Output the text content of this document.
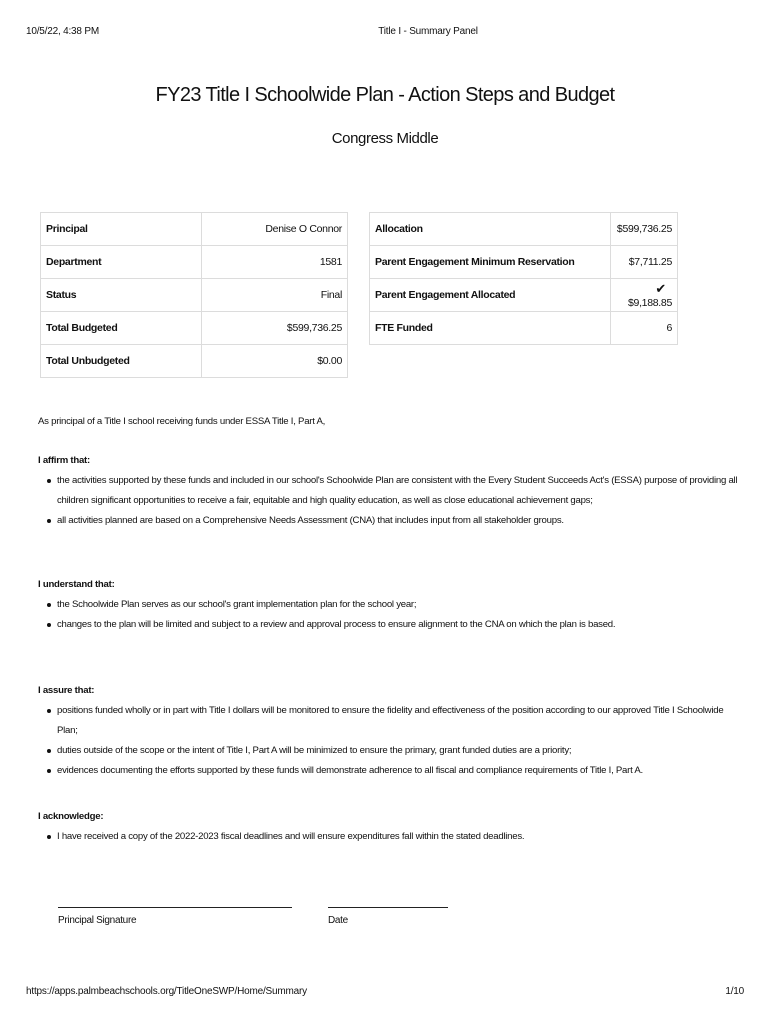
10/5/22, 4:38 PM	Title I - Summary Panel
FY23 Title I Schoolwide Plan - Action Steps and Budget
Congress Middle
Principal	Denise O Connor
Department	1581
Status	Final
Total Budgeted	$599,736.25
Total Unbudgeted	$0.00
Allocation	$599,736.25
Parent Engagement Minimum Reservation	$7,711.25
Parent Engagement Allocated	✔$9,188.85
FTE Funded	6
As principal of a Title I school receiving funds under ESSA Title I, Part A,

I affirm that:

the activities supported by these funds and included in our school's Schoolwide Plan are consistent with the Every Student Succeeds Act's (ESSA) purpose of providing all children significant opportunities to receive a fair, equitable and high quality education, as well as close educational achievement gaps;
all activities planned are based on a Comprehensive Needs Assessment (CNA) that includes input from all stakeholder groups.

I understand that:

the Schoolwide Plan serves as our school's grant implementation plan for the school year;
changes to the plan will be limited and subject to a review and approval process to ensure alignment to the CNA on which the plan is based.

I assure that:

positions funded wholly or in part with Title I dollars will be monitored to ensure the fidelity and effectiveness of the position according to our approved Title I Schoolwide Plan;
duties outside of the scope or the intent of Title I, Part A will be minimized to ensure the primary, grant funded duties are a priority;
evidences documenting the efforts supported by these funds will demonstrate adherence to all fiscal and compliance requirements of Title I, Part A.

I acknowledge:

I have received a copy of the 2022-2023 fiscal deadlines and will ensure expenditures fall within the stated deadlines.
Principal Signature	Date
https://apps.palmbeachschools.org/TitleOneSWP/Home/Summary	1/10
